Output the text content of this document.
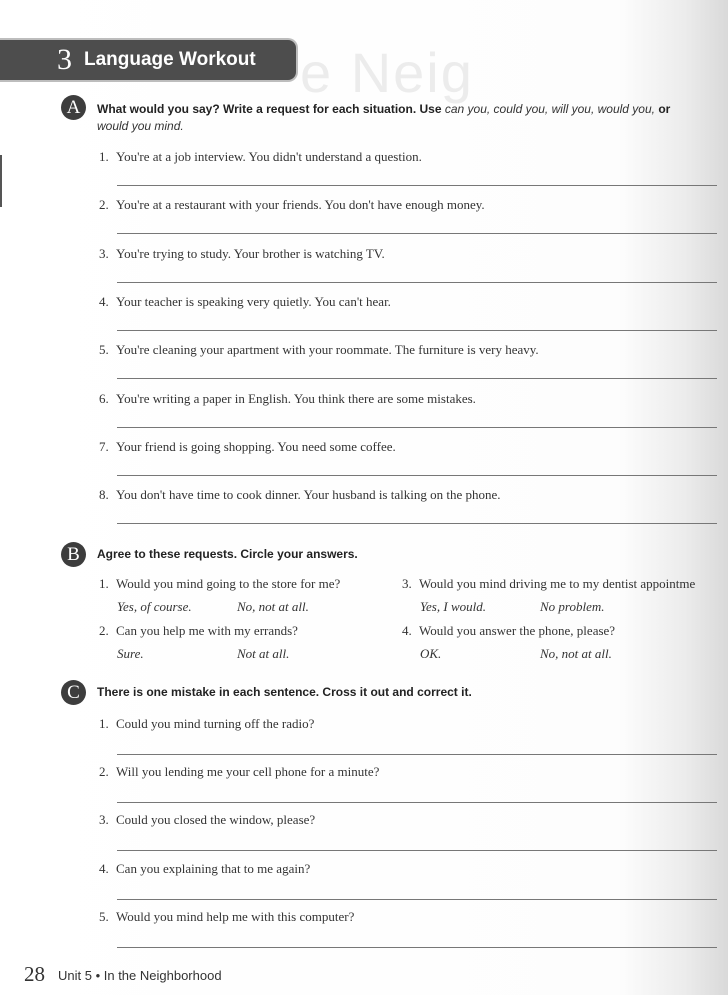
e Neig
3 Language Workout
A	What would you say? Write a request for each situation. Use can you, could you, will you, would you, or would you mind.
1. You're at a job interview. You didn't understand a question.
2. You're at a restaurant with your friends. You don't have enough money.
3. You're trying to study. Your brother is watching TV.
4. Your teacher is speaking very quietly. You can't hear.
5. You're cleaning your apartment with your roommate. The furniture is very heavy.
6. You're writing a paper in English. You think there are some mistakes.
7. Your friend is going shopping. You need some coffee.
8. You don't have time to cook dinner. Your husband is talking on the phone.
B	Agree to these requests. Circle your answers.
1. Would you mind going to the store for me?
Yes, of course.	No, not at all.
2. Can you help me with my errands?
Sure.	Not at all.
3. Would you mind driving me to my dentist appointme
Yes, I would.	No problem.
4. Would you answer the phone, please?
OK.	No, not at all.
C	There is one mistake in each sentence. Cross it out and correct it.
1. Could you mind turning off the radio?
2. Will you lending me your cell phone for a minute?
3. Could you closed the window, please?
4. Can you explaining that to me again?
5. Would you mind help me with this computer?
28 Unit 5 • In the Neighborhood
